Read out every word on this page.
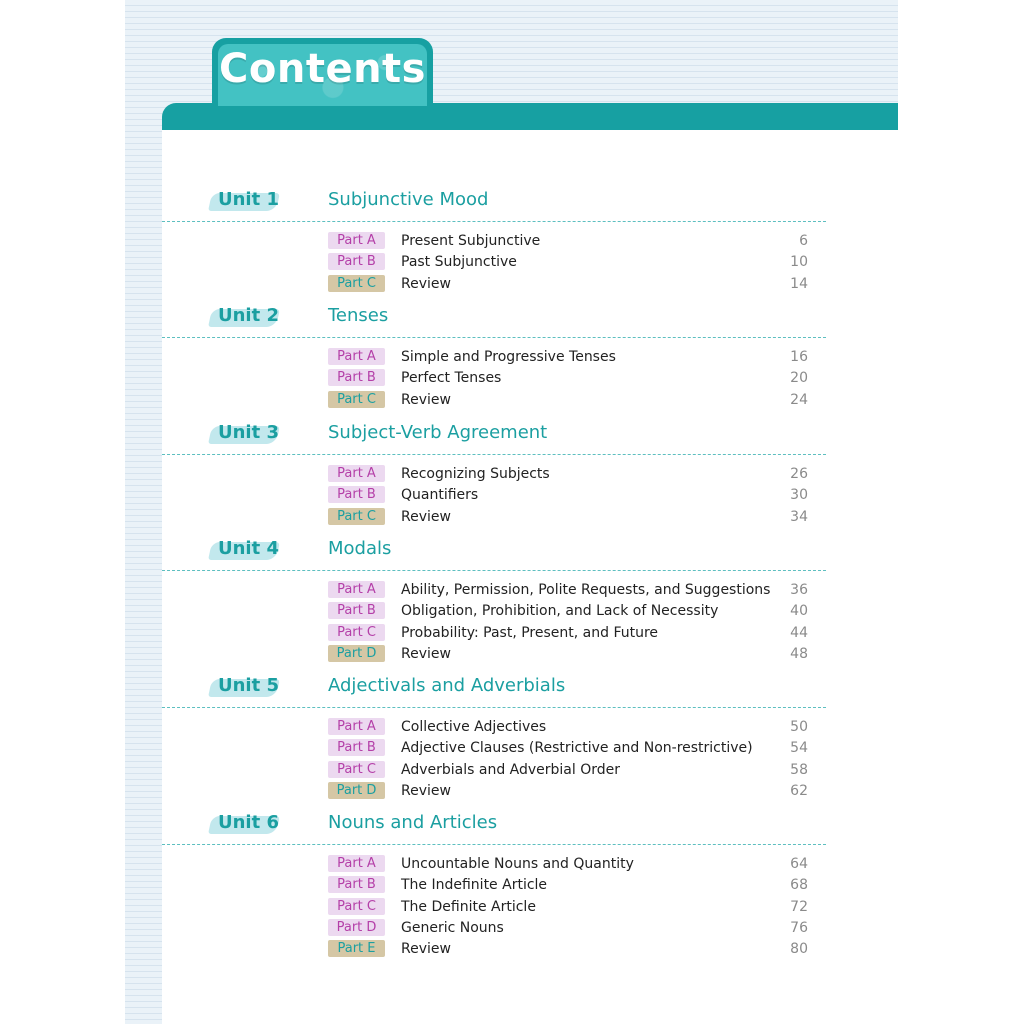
Contents
Unit 1	Subjunctive Mood
Part A	Present Subjunctive	6
Part B	Past Subjunctive	10
Part C	Review	14
Unit 2	Tenses
Part A	Simple and Progressive Tenses	16
Part B	Perfect Tenses	20
Part C	Review	24
Unit 3	Subject-Verb Agreement
Part A	Recognizing Subjects	26
Part B	Quantifiers	30
Part C	Review	34
Unit 4	Modals
Part A	Ability, Permission, Polite Requests, and Suggestions 36
Part B	Obligation, Prohibition, and Lack of Necessity	40
Part C	Probability: Past, Present, and Future	44
Part D	Review	48
Unit 5	Adjectivals and Adverbials
Part A	Collective Adjectives	50
Part B	Adjective Clauses (Restrictive and Non-restrictive)	54
Part C	Adverbials and Adverbial Order	58
Part D	Review	62
Unit 6	Nouns and Articles
Part A	Uncountable Nouns and Quantity	64
Part B	The Indefinite Article	68
Part C	The Definite Article	72
Part D	Generic Nouns	76
Part E	Review	80
